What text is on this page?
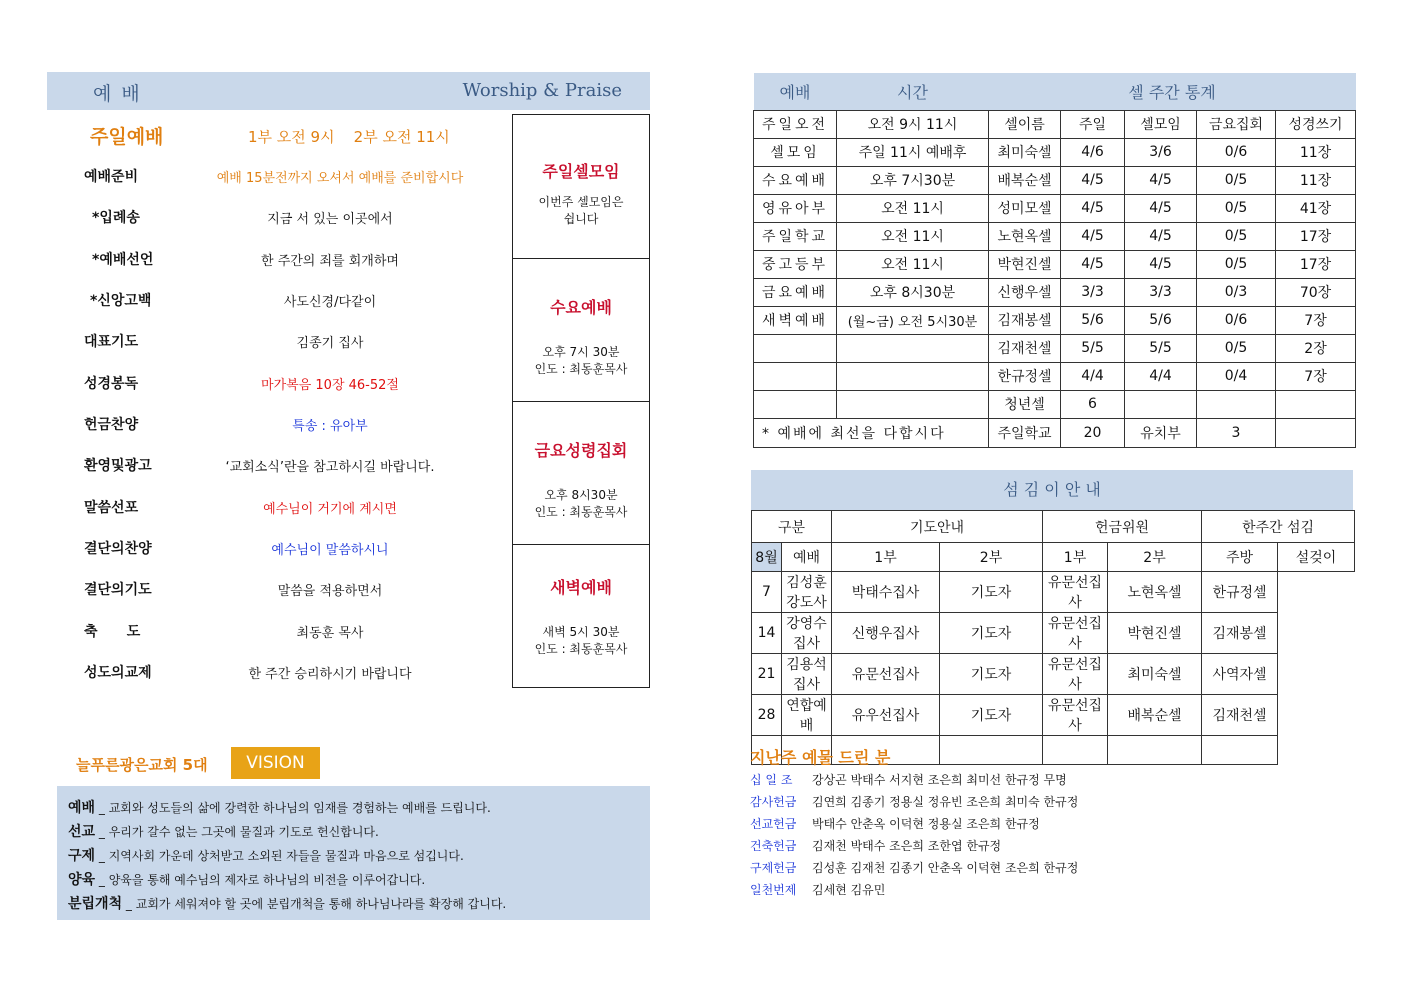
예 배	Worship & Praise
주일예배	1부 오전 9시    2부 오전 11시
예배준비	예배 15분전까지 오셔서 예배를 준비합시다
*입례송	지금 서 있는 이곳에서
*예배선언	한 주간의 죄를 회개하며
*신앙고백	사도신경/다같이
대표기도	김종기 집사
성경봉독	마가복음 10장 46-52절
헌금찬양	특송 : 유아부
환영및광고	‘교회소식’란을 참고하시길 바랍니다.
말씀선포	예수님이 거기에 계시면
결단의찬양	예수님이 말씀하시니
결단의기도	말씀을 적용하면서
축      도	최동훈 목사
성도의교제	한 주간 승리하시기 바랍니다
주일셀모임
이번주 셀모임은
쉽니다
수요예배
오후 7시 30분
인도 : 최동훈목사
금요성령집회
오후 8시30분
인도 : 최동훈목사
새벽예배
새벽 5시 30분
인도 : 최동훈목사
늘푸른광은교회 5대	VISION
예배 _ 교회와 성도들의 삶에 강력한 하나님의 임재를 경험하는 예배를 드립니다.
선교 _ 우리가 갈수 없는 그곳에 물질과 기도로 헌신합니다.
구제 _ 지역사회 가운데 상처받고 소외된 자들을 물질과 마음으로 섬깁니다.
양육 _ 양육을 통해 예수님의 제자로 하나님의 비전을 이루어갑니다.
분립개척 _ 교회가 세워져야 할 곳에 분립개척을 통해 하나님나라를 확장해 갑니다.
예배	시간	셀 주간 통계				
주일오전	오전 9시 11시	셀이름	주일	셀모임	금요집회	성경쓰기
셀모임	주일 11시 예배후	최미숙셀	4/6	3/6	0/6	11장
수요예배	오후 7시30분	배복순셀	4/5	4/5	0/5	11장
영유아부	오전 11시	성미모셀	4/5	4/5	0/5	41장
주일학교	오전 11시	노현옥셀	4/5	4/5	0/5	17장
중고등부	오전 11시	박현진셀	4/5	4/5	0/5	17장
금요예배	오후 8시30분	신행우셀	3/3	3/3	0/3	70장
새벽예배	(월~금) 오전 5시30분	김재봉셀	5/6	5/6	0/6	7장
		김재천셀	5/5	5/5	0/5	2장
		한규정셀	4/4	4/4	0/4	7장
		청년셀	6			
* 예배에 최선을 다합시다		주일학교	20	유치부	3	
섬 김 이 안 내
구분		기도안내		헌금위원		한주간 섬김	
8월	예배	1부	2부	1부	2부	주방	설겆이
7	김성훈강도사	박태수집사	기도자	유문선집사	노현옥셀	한규정셀	
14	강영수집사	신행우집사	기도자	유문선집사	박현진셀	김재봉셀	
21	김용석집사	유문선집사	기도자	유문선집사	최미숙셀	사역자셀	
28	연합예배	유우선집사	기도자	유문선집사	배복순셀	김재천셀	

지난주 예물 드린 분
십 일 조 강상곤 박태수 서지현 조은희 최미선 한규정 무명
감사헌금 김연희 김종기 정용실 정유빈 조은희 최미숙 한규정
선교헌금 박태수 안춘옥 이덕현 정용실 조은희 한규정
건축헌금 김재천 박태수 조은희 조한엽 한규정
구제헌금 김성훈 김재천 김종기 안춘옥 이덕현 조은희 한규정
일천번제 김세현 김유민
